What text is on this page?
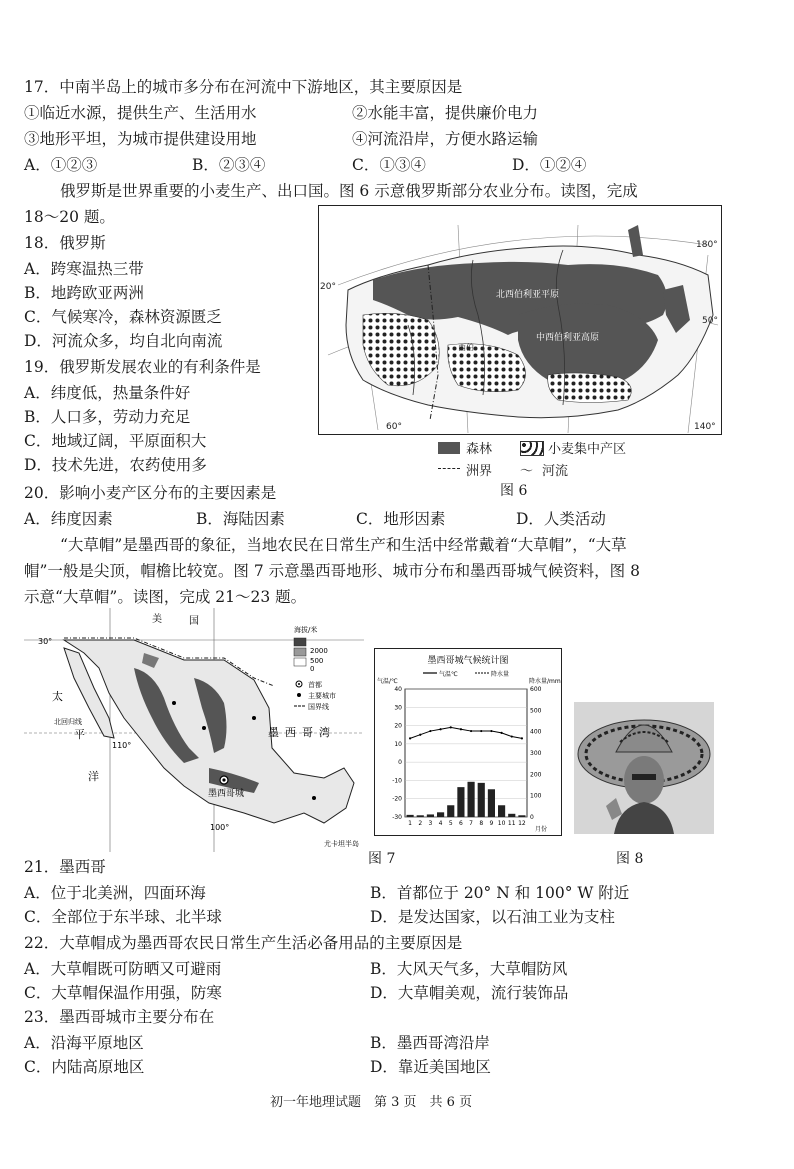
17．中南半岛上的城市多分布在河流中下游地区，其主要原因是
①临近水源，提供生产、生活用水	②水能丰富，提供廉价电力
③地形平坦，为城市提供建设用地	④河流沿岸，方便水路运输
A．①②③	B．②③④	C．①③④	D．①②④
俄罗斯是世界重要的小麦生产、出口国。图 6 示意俄罗斯部分农业分布。读图，完成
18～20 题。
18．俄罗斯
A．跨寒温热三带
B．地跨欧亚两洲
C．气候寒冷，森林资源匮乏
D．河流众多，均自北向南流
19．俄罗斯发展农业的有利条件是
A．纬度低，热量条件好
B．人口多，劳动力充足
C．地域辽阔，平原面积大
D．技术先进，农药使用多
北西伯利亚平原
中西伯利亚高原
西伯
60°	140°
180°
50°
20°
森林	小麦集中产区
洲界 〜 河流
图 6
20．影响小麦产区分布的主要因素是
A．纬度因素	B．海陆因素	C．地形因素	D．人类活动
“大草帽”是墨西哥的象征，当地农民在日常生产和生活中经常戴着“大草帽”，“大草
帽”一般是尖顶，帽檐比较宽。图 7 示意墨西哥地形、城市分布和墨西哥城气候资料，图 8
示意“大草帽”。读图，完成 21～23 题。
美	国
太
平
洋
墨西哥湾
墨西哥城
北回归线
110°
100°
30°
尤卡坦半岛
海拔/米
2000
500
0
首都
主要城市
国界线
墨西哥城气候统计图
气温℃	降水量
气温/℃	降水量/mm
月份
-30
-20
-10
0
10
20
30
40
0
100
200
300
400
500
600
1 2 3 4 5 6 7 8 9 10 11 12
图 7	图 8
21．墨西哥
A．位于北美洲，四面环海	B．首都位于 20° N 和 100° W 附近
C．全部位于东半球、北半球	D．是发达国家，以石油工业为支柱
22．大草帽成为墨西哥农民日常生产生活必备用品的主要原因是
A．大草帽既可防晒又可避雨	B．大风天气多，大草帽防风
C．大草帽保温作用强，防寒	D．大草帽美观，流行装饰品
23．墨西哥城市主要分布在
A．沿海平原地区	B．墨西哥湾沿岸
C．内陆高原地区	D．靠近美国地区
初一年地理试题　第 3 页　共 6 页
